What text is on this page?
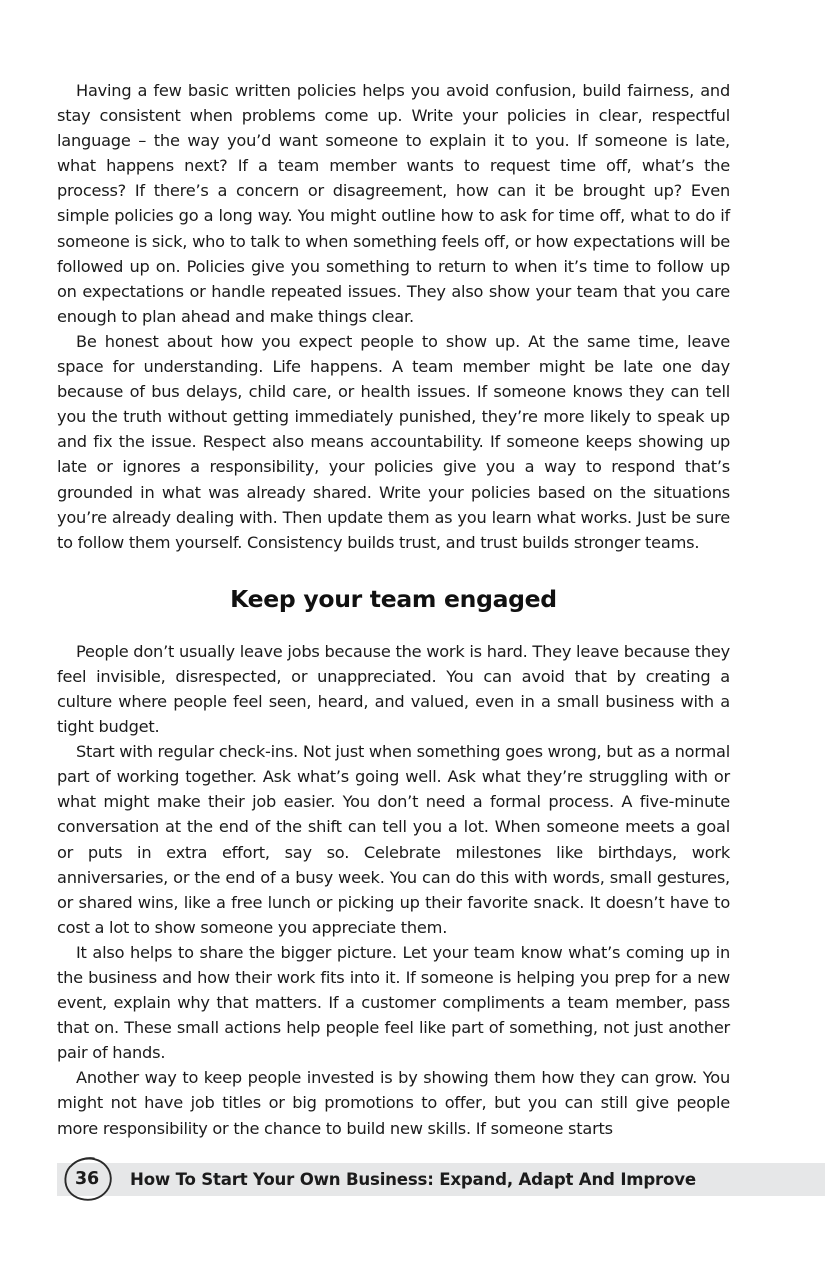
Having a few basic written policies helps you avoid confusion, build fairness, and stay consistent when problems come up. Write your policies in clear, respectful language – the way you’d want someone to explain it to you. If someone is late, what happens next? If a team member wants to request time off, what’s the process? If there’s a concern or disagreement, how can it be brought up? Even simple policies go a long way. You might outline how to ask for time off, what to do if someone is sick, who to talk to when something feels off, or how expectations will be followed up on. Policies give you something to return to when it’s time to follow up on expectations or handle repeated issues. They also show your team that you care enough to plan ahead and make things clear.

Be honest about how you expect people to show up. At the same time, leave space for understanding. Life happens. A team member might be late one day because of bus delays, child care, or health issues. If someone knows they can tell you the truth without getting immediately punished, they’re more likely to speak up and fix the issue. Respect also means accountability. If someone keeps showing up late or ignores a responsibility, your policies give you a way to respond that’s grounded in what was already shared. Write your policies based on the situations you’re already dealing with. Then update them as you learn what works. Just be sure to follow them yourself. Consistency builds trust, and trust builds stronger teams.

Keep your team engaged

People don’t usually leave jobs because the work is hard. They leave because they feel invisible, disrespected, or unappreciated. You can avoid that by creating a culture where people feel seen, heard, and valued, even in a small business with a tight budget.

Start with regular check-ins. Not just when something goes wrong, but as a normal part of working together. Ask what’s going well. Ask what they’re struggling with or what might make their job easier. You don’t need a formal process. A five-minute conversation at the end of the shift can tell you a lot. When someone meets a goal or puts in extra effort, say so. Celebrate milestones like birthdays, work anniversaries, or the end of a busy week. You can do this with words, small gestures, or shared wins, like a free lunch or picking up their favorite snack. It doesn’t have to cost a lot to show someone you appreciate them.

It also helps to share the bigger picture. Let your team know what’s coming up in the business and how their work fits into it. If someone is helping you prep for a new event, explain why that matters. If a customer compliments a team member, pass that on. These small actions help people feel like part of something, not just another pair of hands.

Another way to keep people invested is by showing them how they can grow. You might not have job titles or big promotions to offer, but you can still give people more responsibility or the chance to build new skills. If someone starts

How To Start Your Own Business: Expand, Adapt And Improve
36
